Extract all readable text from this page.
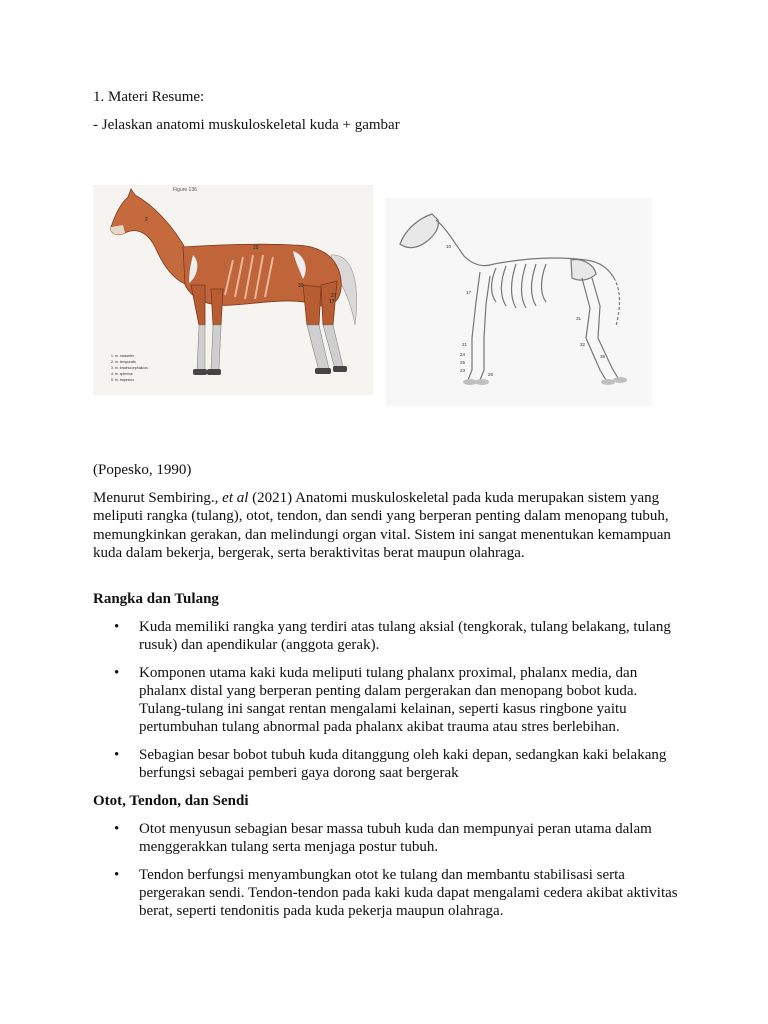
1. Materi Resume:

- Jelaskan anatomi muskuloskeletal kuda + gambar

Figure 136
2
20
30
17
27
1. m. masseter
2. m. temporalis
3. m. brachiocephalicus
4. m. splenius
5. m. trapezius
10
17
21
24
25
23
26
31
32
35

(Popesko, 1990)

Menurut Sembiring., et al (2021) Anatomi muskuloskeletal pada kuda merupakan sistem yang meliputi rangka (tulang), otot, tendon, dan sendi yang berperan penting dalam menopang tubuh, memungkinkan gerakan, dan melindungi organ vital. Sistem ini sangat menentukan kemampuan kuda dalam bekerja, bergerak, serta beraktivitas berat maupun olahraga.

Rangka dan Tulang

• Kuda memiliki rangka yang terdiri atas tulang aksial (tengkorak, tulang belakang, tulang rusuk) dan apendikular (anggota gerak).
• Komponen utama kaki kuda meliputi tulang phalanx proximal, phalanx media, dan phalanx distal yang berperan penting dalam pergerakan dan menopang bobot kuda. Tulang-tulang ini sangat rentan mengalami kelainan, seperti kasus ringbone yaitu pertumbuhan tulang abnormal pada phalanx akibat trauma atau stres berlebihan.
• Sebagian besar bobot tubuh kuda ditanggung oleh kaki depan, sedangkan kaki belakang berfungsi sebagai pemberi gaya dorong saat bergerak

Otot, Tendon, dan Sendi

• Otot menyusun sebagian besar massa tubuh kuda dan mempunyai peran utama dalam menggerakkan tulang serta menjaga postur tubuh.
• Tendon berfungsi menyambungkan otot ke tulang dan membantu stabilisasi serta pergerakan sendi. Tendon-tendon pada kaki kuda dapat mengalami cedera akibat aktivitas berat, seperti tendonitis pada kuda pekerja maupun olahraga.
